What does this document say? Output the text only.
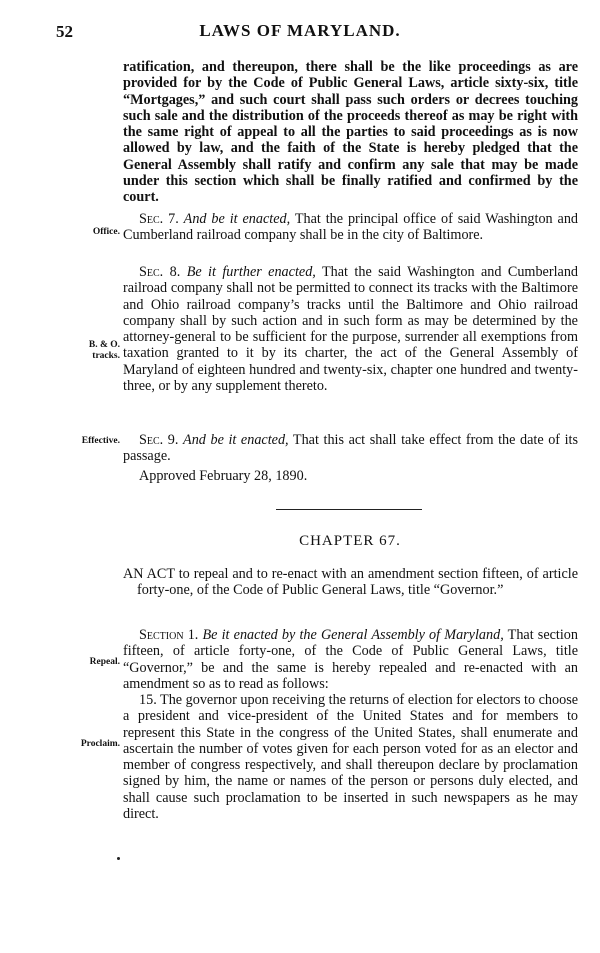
52	LAWS OF MARYLAND.

ratification, and thereupon, there shall be the like proceedings as are provided for by the Code of Public General Laws, article sixty-six, title “Mortgages,” and such court shall pass such orders or decrees touching such sale and the distribution of the proceeds thereof as may be right with the same right of appeal to all the parties to said proceedings as is now allowed by law, and the faith of the State is hereby pledged that the General Assembly shall ratify and confirm any sale that may be made under this section which shall be finally ratified and confirmed by the court.

Office.

Sec. 7. And be it enacted, That the principal office of said Washington and Cumberland railroad company shall be in the city of Baltimore.

B. & O.
tracks.

Sec. 8. Be it further enacted, That the said Washington and Cumberland railroad company shall not be permitted to connect its tracks with the Baltimore and Ohio railroad company’s tracks until the Baltimore and Ohio railroad company shall by such action and in such form as may be determined by the attorney-general to be sufficient for the purpose, surrender all exemptions from taxation granted to it by its charter, the act of the General Assembly of Maryland of eighteen hundred and twenty-six, chapter one hundred and twenty-three, or by any supplement thereto.

Effective.	Sec. 9. And be it enacted, That this act shall take effect from the date of its passage.

Approved February 28, 1890.
CHAPTER 67.

AN ACT to repeal and to re-enact with an amendment section fifteen, of article forty-one, of the Code of Public General Laws, title “Governor.”

Repeal.

Section 1. Be it enacted by the General Assembly of Maryland, That section fifteen, of article forty-one, of the Code of Public General Laws, title “Governor,” be and the same is hereby repealed and re-enacted with an amendment so as to read as follows:

Proclaim.

15. The governor upon receiving the returns of election for electors to choose a president and vice-president of the United States and for members to represent this State in the congress of the United States, shall enumerate and ascertain the number of votes given for each person voted for as an elector and member of congress respectively, and shall thereupon declare by proclamation signed by him, the name or names of the person or persons duly elected, and shall cause such proclamation to be inserted in such newspapers as he may direct.
